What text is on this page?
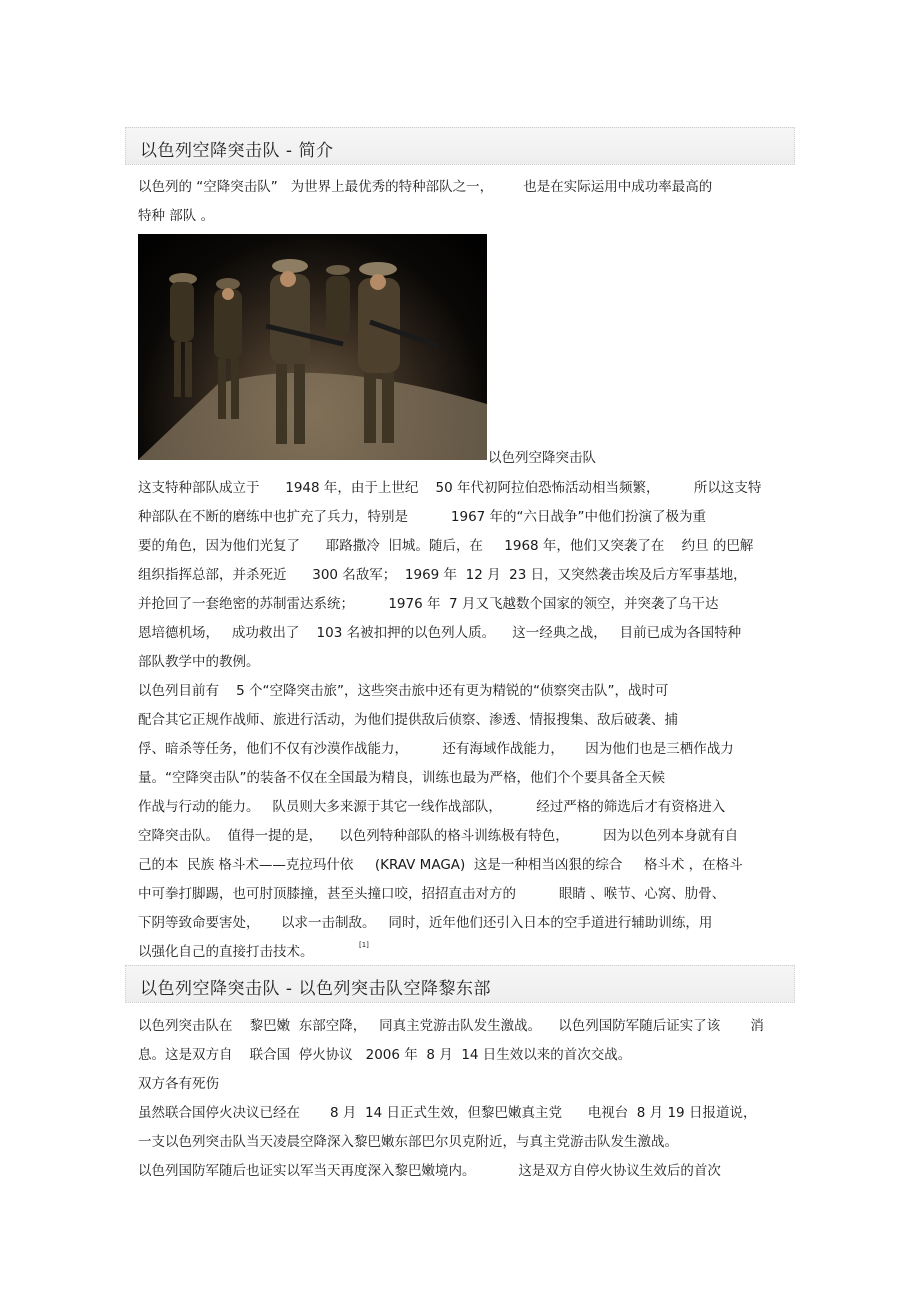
以色列空降突击队 - 简介
以色列的 “空降突击队”   为世界上最优秀的特种部队之一，       也是在实际运用中成功率最高的
特种 部队 。
以色列空降突击队
这支特种部队成立于      1948 年，由于上世纪    50 年代初阿拉伯恐怖活动相当频繁，        所以这支特
种部队在不断的磨练中也扩充了兵力，特别是          1967 年的“六日战争”中他们扮演了极为重
要的角色，因为他们光复了      耶路撒冷  旧城。随后，在     1968 年，他们又突袭了在    约旦 的巴解
组织指挥总部，并杀死近      300 名敌军；  1969 年  12 月  23 日，又突然袭击埃及后方军事基地，
并抢回了一套绝密的苏制雷达系统；        1976 年  7 月又飞越数个国家的领空，并突袭了乌干达
恩培德机场，   成功救出了    103 名被扣押的以色列人质。    这一经典之战，   目前已成为各国特种
部队教学中的教例。
以色列目前有    5 个“空降突击旅”，这些突击旅中还有更为精锐的“侦察突击队”，战时可
配合其它正规作战师、旅进行活动，为他们提供敌后侦察、渗透、情报搜集、敌后破袭、捕
俘、暗杀等任务，他们不仅有沙漠作战能力，        还有海域作战能力，     因为他们也是三栖作战力
量。“空降突击队”的装备不仅在全国最为精良，训练也最为严格，他们个个要具备全天候
作战与行动的能力。   队员则大多来源于其它一线作战部队，        经过严格的筛选后才有资格进入
空降突击队。  值得一提的是，    以色列特种部队的格斗训练极有特色，        因为以色列本身就有自
己的本  民族 格斗术——克拉玛什依     (KRAV MAGA)  这是一种相当凶狠的综合     格斗术 ，在格斗
中可拳打脚踢，也可肘顶膝撞，甚至头撞口咬，招招直击对方的          眼睛 、喉节、心窝、肋骨、
下阴等致命要害处，     以求一击制敌。   同时，近年他们还引入日本的空手道进行辅助训练，用
以强化自己的直接打击技术。	[1]
以色列空降突击队 - 以色列突击队空降黎东部
以色列突击队在    黎巴嫩  东部空降，   同真主党游击队发生激战。    以色列国防军随后证实了该       消
息。这是双方自    联合国  停火协议   2006 年  8 月  14 日生效以来的首次交战。
双方各有死伤
虽然联合国停火决议已经在       8 月  14 日正式生效，但黎巴嫩真主党      电视台  8 月 19 日报道说，
一支以色列突击队当天凌晨空降深入黎巴嫩东部巴尔贝克附近，与真主党游击队发生激战。
以色列国防军随后也证实以军当天再度深入黎巴嫩境内。          这是双方自停火协议生效后的首次
